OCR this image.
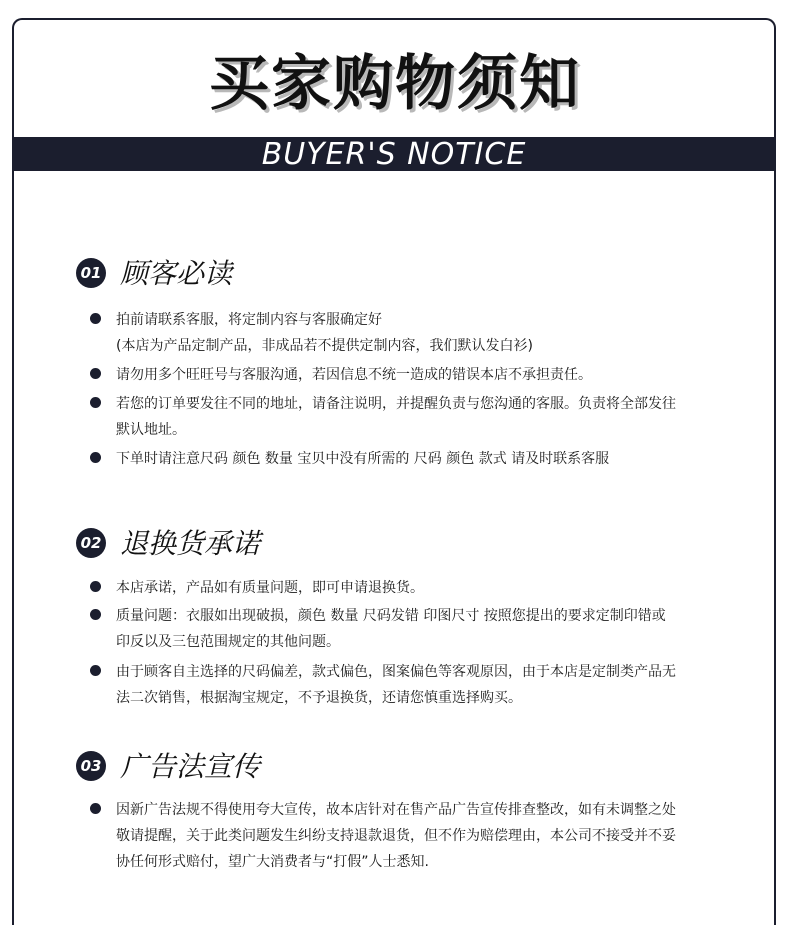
买家购物须知
BUYER'S NOTICE
01 顾客必读
拍前请联系客服，将定制内容与客服确定好
(本店为产品定制产品，非成品若不提供定制内容，我们默认发白衫)
请勿用多个旺旺号与客服沟通，若因信息不统一造成的错误本店不承担责任。
若您的订单要发往不同的地址，请备注说明，并提醒负责与您沟通的客服。负责将全部发往
默认地址。
下单时请注意尺码 颜色 数量 宝贝中没有所需的 尺码 颜色 款式 请及时联系客服
02 退换货承诺
本店承诺，产品如有质量问题，即可申请退换货。
质量问题：衣服如出现破损，颜色 数量 尺码发错 印图尺寸 按照您提出的要求定制印错或
印反以及三包范围规定的其他问题。
由于顾客自主选择的尺码偏差，款式偏色，图案偏色等客观原因，由于本店是定制类产品无
法二次销售，根据淘宝规定，不予退换货，还请您慎重选择购买。
03 广告法宣传
因新广告法规不得使用夸大宣传，故本店针对在售产品广告宣传排查整改，如有未调整之处
敬请提醒，关于此类问题发生纠纷支持退款退货，但不作为赔偿理由，本公司不接受并不妥
协任何形式赔付，望广大消费者与“打假”人士悉知.
